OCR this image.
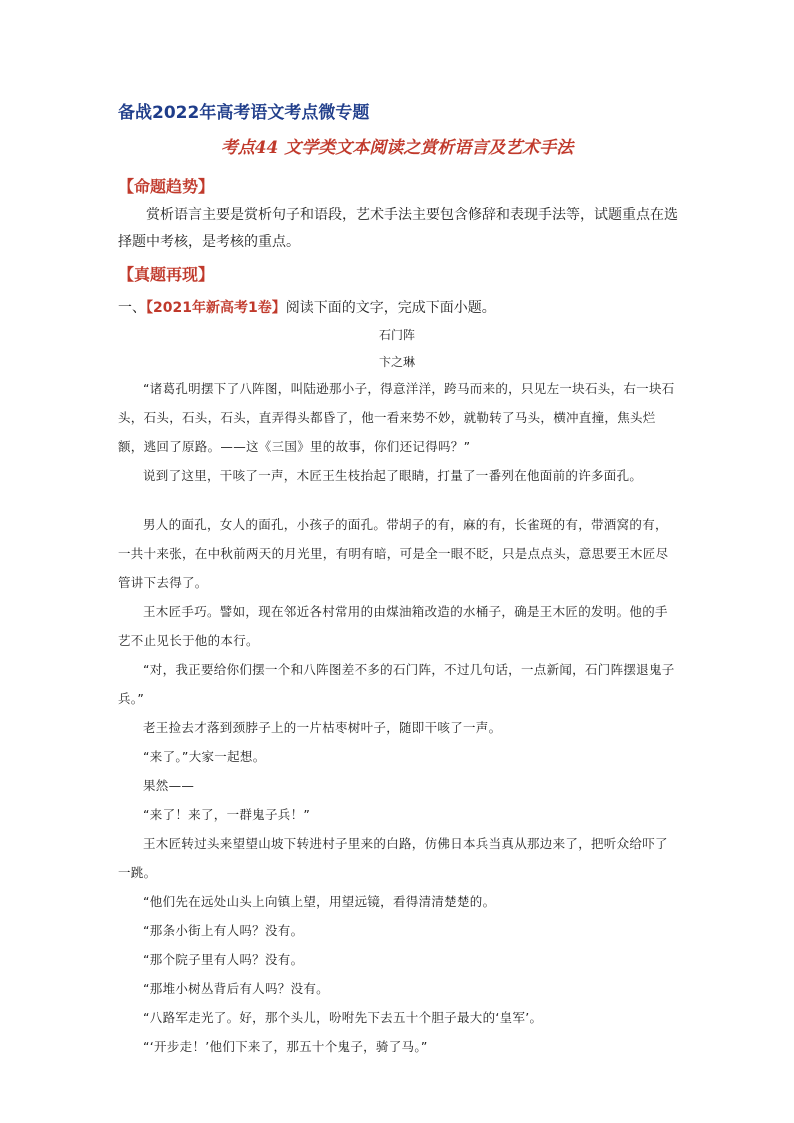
备战2022年高考语文考点微专题
考点44 文学类文本阅读之赏析语言及艺术手法
【命题趋势】
赏析语言主要是赏析句子和语段，艺术手法主要包含修辞和表现手法等，试题重点在选择题中考核，是考核的重点。
【真题再现】
一、【2021年新高考1卷】阅读下面的文字，完成下面小题。
石门阵
卞之琳

“诸葛孔明摆下了八阵图，叫陆逊那小子，得意洋洋，跨马而来的，只见左一块石头，右一块石头，石头，石头，石头，直弄得头都昏了，他一看来势不妙，就勒转了马头，横冲直撞，焦头烂额，逃回了原路。——这《三国》里的故事，你们还记得吗？”

说到了这里，干咳了一声，木匠王生枝抬起了眼睛，打量了一番列在他面前的许多面孔。

男人的面孔，女人的面孔，小孩子的面孔。带胡子的有，麻的有，长雀斑的有，带酒窝的有，一共十来张，在中秋前两天的月光里，有明有暗，可是全一眼不眨，只是点点头，意思要王木匠尽管讲下去得了。

王木匠手巧。譬如，现在邻近各村常用的由煤油箱改造的水桶子，确是王木匠的发明。他的手艺不止见长于他的本行。

“对，我正要给你们摆一个和八阵图差不多的石门阵，不过几句话，一点新闻，石门阵摆退鬼子兵。”

老王捡去才落到颈脖子上的一片枯枣树叶子，随即干咳了一声。

“来了。”大家一起想。

果然——

“来了！来了，一群鬼子兵！”

王木匠转过头来望望山坡下转进村子里来的白路，仿佛日本兵当真从那边来了，把听众给吓了一跳。

“他们先在远处山头上向镇上望，用望远镜，看得清清楚楚的。

“那条小街上有人吗？没有。

“那个院子里有人吗？没有。

“那堆小树丛背后有人吗？没有。

“八路军走光了。好，那个头儿，吩咐先下去五十个胆子最大的‘皇军’。

“‘开步走！’他们下来了，那五十个鬼子，骑了马。”
